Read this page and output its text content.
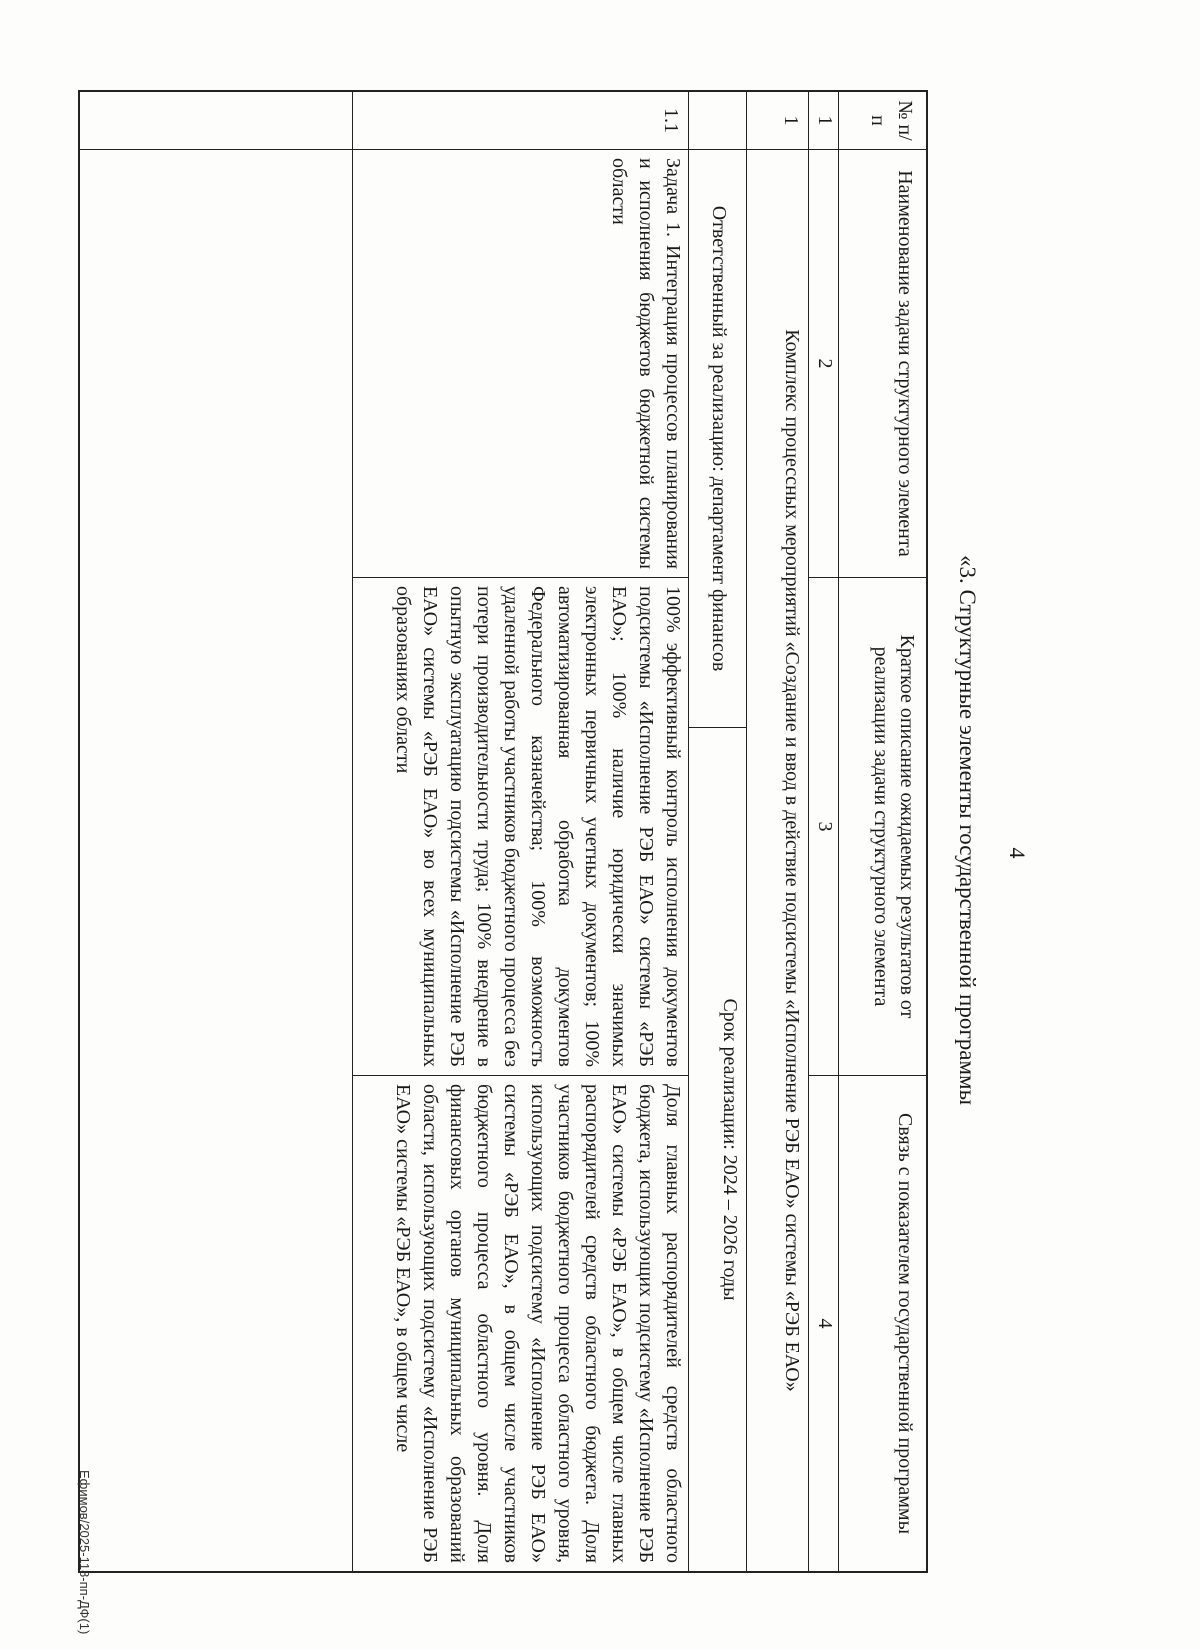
4
«3. Структурные элементы государственной программы
№ п/п
Наименование задачи структурного элемента
Краткое описание ожидаемых результатов от реализации задачи структурного элемента
Связь с показателем государственной программы
1
2
3
4
1
Комплекс процессных мероприятий «Создание и ввод в действие подсистемы «Исполнение РЭБ ЕАО» системы «РЭБ ЕАО»
Ответственный за реализацию: департамент финансов
Срок реализации: 2024 – 2026 годы
1.1
Задача 1. Интеграция процессов планирования и исполнения бюджетов бюджетной системы области
100% эффективный контроль исполнения документов подсистемы «Исполнение РЭБ ЕАО» системы «РЭБ ЕАО»; 100% наличие юридически значимых электронных первичных учетных документов; 100% автоматизированная обработка документов Федерального казначейства; 100% возможность удаленной работы участников бюджетного процесса без потери производительности труда; 100% внедрение в опытную эксплуатацию подсистемы «Исполнение РЭБ ЕАО» системы «РЭБ ЕАО» во всех муниципальных образованиях области
Доля главных распорядителей средств областного бюджета, использующих подсистему «Исполнение РЭБ ЕАО» системы «РЭБ ЕАО», в общем числе главных распорядителей средств областного бюджета. Доля участников бюджетного процесса областного уровня, использующих подсистему «Исполнение РЭБ ЕАО» системы «РЭБ ЕАО», в общем числе участников бюджетного процесса областного уровня. Доля финансовых органов муниципальных образований области, использующих подсистему «Исполнение РЭБ ЕАО» системы «РЭБ ЕАО», в общем числе
Ефимов/2025-118-пп-ДФ(1)
